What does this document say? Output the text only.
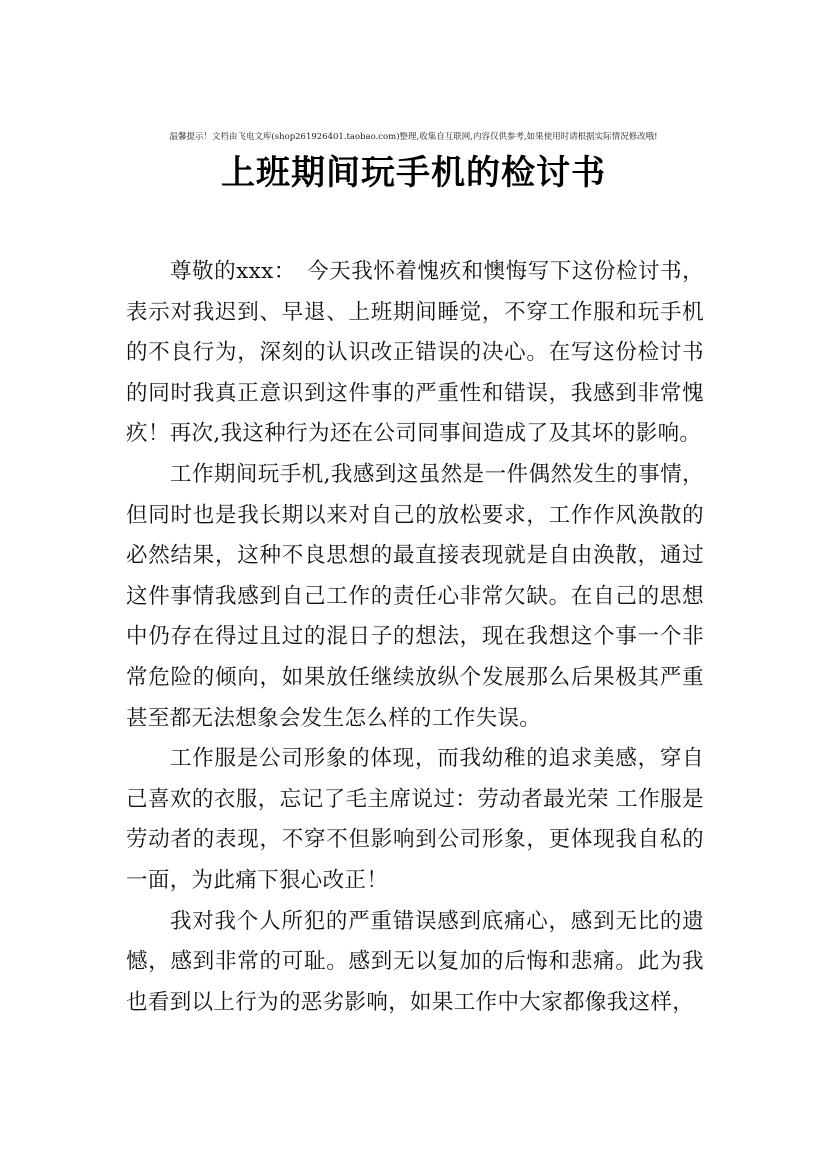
温馨提示！文档由飞电文库(shop261926401.taobao.com)整理,收集自互联网,内容仅供参考,如果使用时请根据实际情况修改哦!
上班期间玩手机的检讨书

尊敬的xxx：　今天我怀着愧疚和懊悔写下这份检讨书，表示对我迟到、早退、上班期间睡觉，不穿工作服和玩手机的不良行为，深刻的认识改正错误的决心。在写这份检讨书的同时我真正意识到这件事的严重性和错误，我感到非常愧疚！再次,我这种行为还在公司同事间造成了及其坏的影响。

工作期间玩手机,我感到这虽然是一件偶然发生的事情，但同时也是我长期以来对自己的放松要求，工作作风涣散的必然结果，这种不良思想的最直接表现就是自由涣散，通过这件事情我感到自己工作的责任心非常欠缺。在自己的思想中仍存在得过且过的混日子的想法，现在我想这个事一个非常危险的倾向，如果放任继续放纵个发展那么后果极其严重甚至都无法想象会发生怎么样的工作失误。

工作服是公司形象的体现，而我幼稚的追求美感，穿自己喜欢的衣服，忘记了毛主席说过：劳动者最光荣 工作服是劳动者的表现，不穿不但影响到公司形象，更体现我自私的一面，为此痛下狠心改正！

我对我个人所犯的严重错误感到底痛心，感到无比的遗憾，感到非常的可耻。感到无以复加的后悔和悲痛。此为我也看到以上行为的恶劣影响，如果工作中大家都像我这样，
